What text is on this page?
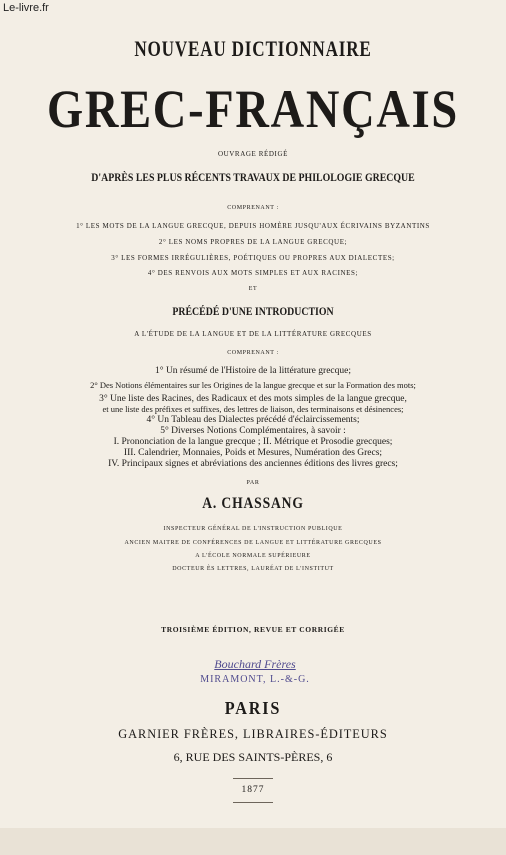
Le-livre.fr
NOUVEAU DICTIONNAIRE
GREC-FRANÇAIS
OUVRAGE RÉDIGÉ
D'APRÈS LES PLUS RÉCENTS TRAVAUX DE PHILOLOGIE GRECQUE
COMPRENANT :
1° LES MOTS DE LA LANGUE GRECQUE, DEPUIS HOMÈRE JUSQU'AUX ÉCRIVAINS BYZANTINS
2° LES NOMS PROPRES DE LA LANGUE GRECQUE;
3° LES FORMES IRRÉGULIÈRES, POÉTIQUES OU PROPRES AUX DIALECTES;
4° DES RENVOIS AUX MOTS SIMPLES ET AUX RACINES;
ET
PRÉCÉDÉ D'UNE INTRODUCTION
A L'ÉTUDE DE LA LANGUE ET DE LA LITTÉRATURE GRECQUES
COMPRENANT :
1° Un résumé de l'Histoire de la littérature grecque;
2° Des Notions élémentaires sur les Origines de la langue grecque et sur la Formation des mots;
3° Une liste des Racines, des Radicaux et des mots simples de la langue grecque,
et une liste des préfixes et suffixes, des lettres de liaison, des terminaisons et désinences;
4° Un Tableau des Dialectes précédé d'éclaircissements;
5° Diverses Notions Complémentaires, à savoir :
I. Prononciation de la langue grecque ; II. Métrique et Prosodie grecques;
III. Calendrier, Monnaies, Poids et Mesures, Numération des Grecs;
IV. Principaux signes et abréviations des anciennes éditions des livres grecs;
PAR
A. CHASSANG
INSPECTEUR GÉNÉRAL DE L'INSTRUCTION PUBLIQUE
ANCIEN MAITRE DE CONFÉRENCES DE LANGUE ET LITTÉRATURE GRECQUES
A L'ÉCOLE NORMALE SUPÉRIEURE
DOCTEUR ÈS LETTRES, LAURÉAT DE L'INSTITUT
TROISIÈME ÉDITION, REVUE ET CORRIGÉE
Bouchard Frères
MIRAMONT, L.-&-G.
PARIS
GARNIER FRÈRES, LIBRAIRES-ÉDITEURS
6, RUE DES SAINTS-PÈRES, 6
1877
